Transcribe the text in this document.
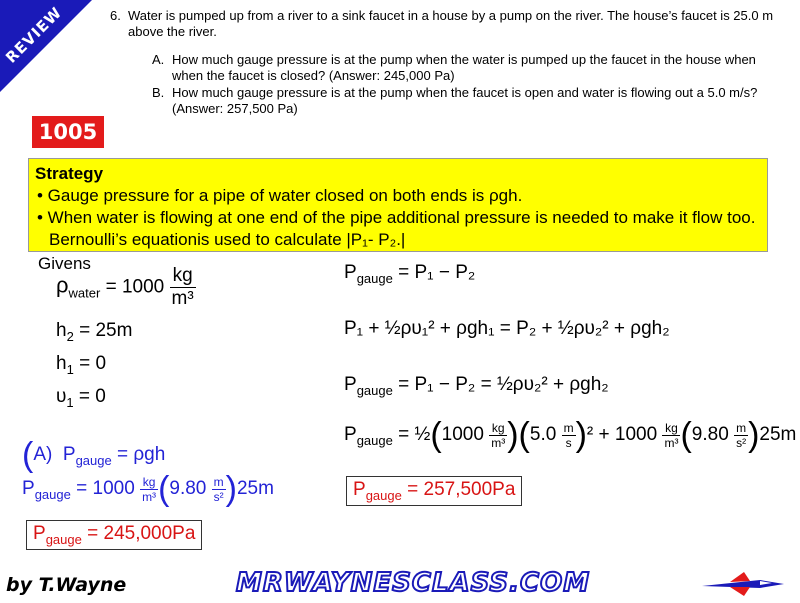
REVIEW	6. Water is pumped up from a river to a sink faucet in a house by a pump on the river. The house’s faucet is 25.0 m above the river.
A. How much gauge pressure is at the pump when the water is pumped up the faucet in the house when when the faucet is closed? (Answer: 245,000 Pa)
B. How much gauge pressure is at the pump when the faucet is open and water is flowing out a 5.0 m/s? (Answer: 257,500 Pa)
1005
Strategy
• Gauge pressure for a pipe of water closed on both ends is ρgh.
• When water is flowing at one end of the pipe additional pressure is needed to make it flow too. Bernoulli’s equationis used to calculate |P₁- P₂.|
Givens
$\rho_{water} = 1000 \frac{kg}{\text{m³}}$
$h_2 = 25m$
$h_1 = 0$
$\upsilon_1 = 0$
(A)  $P_{gauge} = \rho gh$
$P_{gauge} = 1000 \frac{kg}{\text{m³}} (9.80 \frac{m}{\text{s²}} )25m$
$P_{gauge} = 245,000Pa$
$P_{gauge} = P_1 - P_2$
P₁ + ½ρυ₁² + ρgh₁ = P₂ + ½ρυ₂² + ρgh₂
$P_{gauge} = P_1 - P_2$ = ½ρυ₂² + ρgh₂
$P_{gauge}$ = ½(1000 $\frac{kg}{\text{m³}} )(5.0 \frac{m}{s} )^2 + 1000 \frac{kg}{\text{m³}} (9.80 \frac{m}{\text{s²}} )25m$
$P_{gauge} = 257,500Pa$
by T.Wayne	MRWAYNESCLASS.COM
